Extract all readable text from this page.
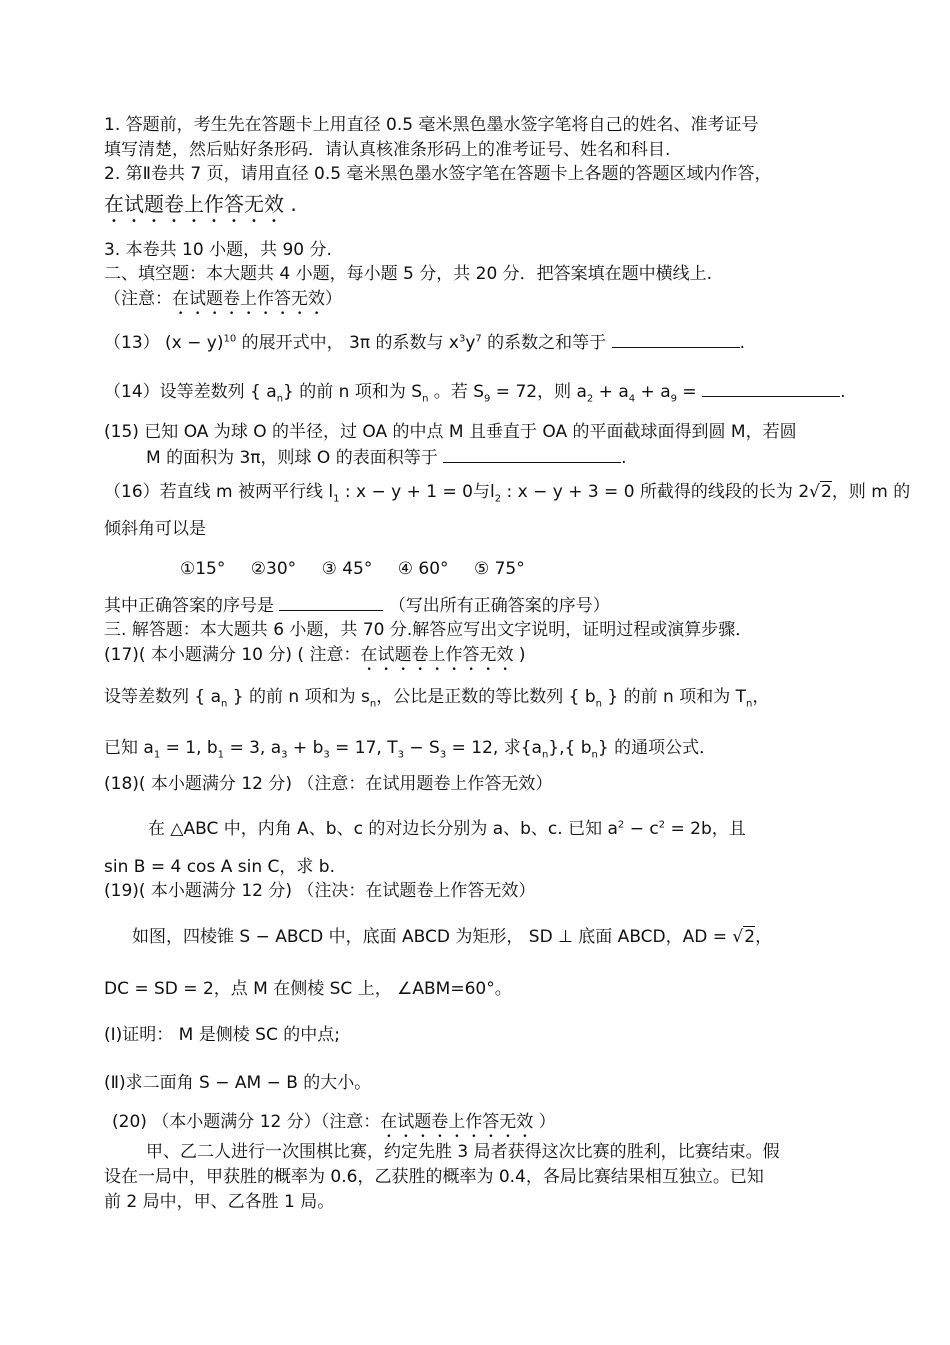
1. 答题前，考生先在答题卡上用直径 0.5 毫米黑色墨水签字笔将自己的姓名、准考证号
填写清楚，然后贴好条形码．请认真核准条形码上的准考证号、姓名和科目.
2. 第Ⅱ卷共 7 页，请用直径 0.5 毫米黑色墨水签字笔在答题卡上各题的答题区域内作答，
在试题卷上作答无效 .
3. 本卷共 10 小题，共 90 分.
二、填空题：本大题共 4 小题，每小题 5 分，共 20 分．把答案填在题中横线上.
（注意：在试题卷上作答无效）
（13） $(x - y)^{10}$ 的展开式中， 3π 的系数与 $x^3y^7$ 的系数之和等于	.
（14）设等差数列 { $a_n$} 的前 n 项和为 $S_n$ 。若 $S_9 = 72$，则 $a_2 + a_4 + a_9$ =	.
(15) 已知 OA 为球 O 的半径，过 OA 的中点 M 且垂直于 OA 的平面截球面得到圆 M，若圆
M 的面积为 3π，则球 O 的表面积等于	.
（16）若直线 m 被两平行线 $l_1$ : x − y + 1 = 0与$l_2$ : x − y + 3 = 0 所截得的线段的长为 2√2，则 m 的
倾斜角可以是
①15° ②30° ③ 45° ④ 60° ⑤ 75°
其中正确答案的序号是	（写出所有正确答案的序号）
三. 解答题：本大题共 6 小题，共 70 分.解答应写出文字说明，证明过程或演算步骤．
(17)( 本小题满分 10 分) ( 注意：在试题卷上作答无效 )
设等差数列 { $a_n$ } 的前 n 项和为 $s_n$，公比是正数的等比数列 { $b_n$ } 的前 n 项和为 $T_n$，
已知 $a_1 = 1$, $b_1 = 3$, $a_3 + b_3 = 17$, $T_3 - S_3 = 12$, 求$\{a_n\}$,{ $b_n$} 的通项公式．
(18)( 本小题满分 12 分) （注意：在试用题卷上作答无效）
在 △ABC 中，内角 A、b、c 的对边长分别为 a、b、c. 已知 $a^2 - c^2 = 2b$，且
sin B = 4 cos A sin C，求 b.
(19)( 本小题满分 12 分) （注决：在试题卷上作答无效）
如图，四棱锥 S − ABCD 中，底面 ABCD 为矩形， SD ⊥ 底面 ABCD，AD = √2，
DC = SD = 2，点 M 在侧棱 SC 上， ∠ABM=60°。
(Ⅰ)证明： M 是侧棱 SC 的中点;
(Ⅱ)求二面角 S − AM − B 的大小。
(20) （本小题满分 12 分）（注意：在试题卷上作答无效 ）
甲、乙二人进行一次围棋比赛，约定先胜 3 局者获得这次比赛的胜利，比赛结束。假
设在一局中，甲获胜的概率为 0.6，乙获胜的概率为 0.4，各局比赛结果相互独立。已知
前 2 局中，甲、乙各胜 1 局。
